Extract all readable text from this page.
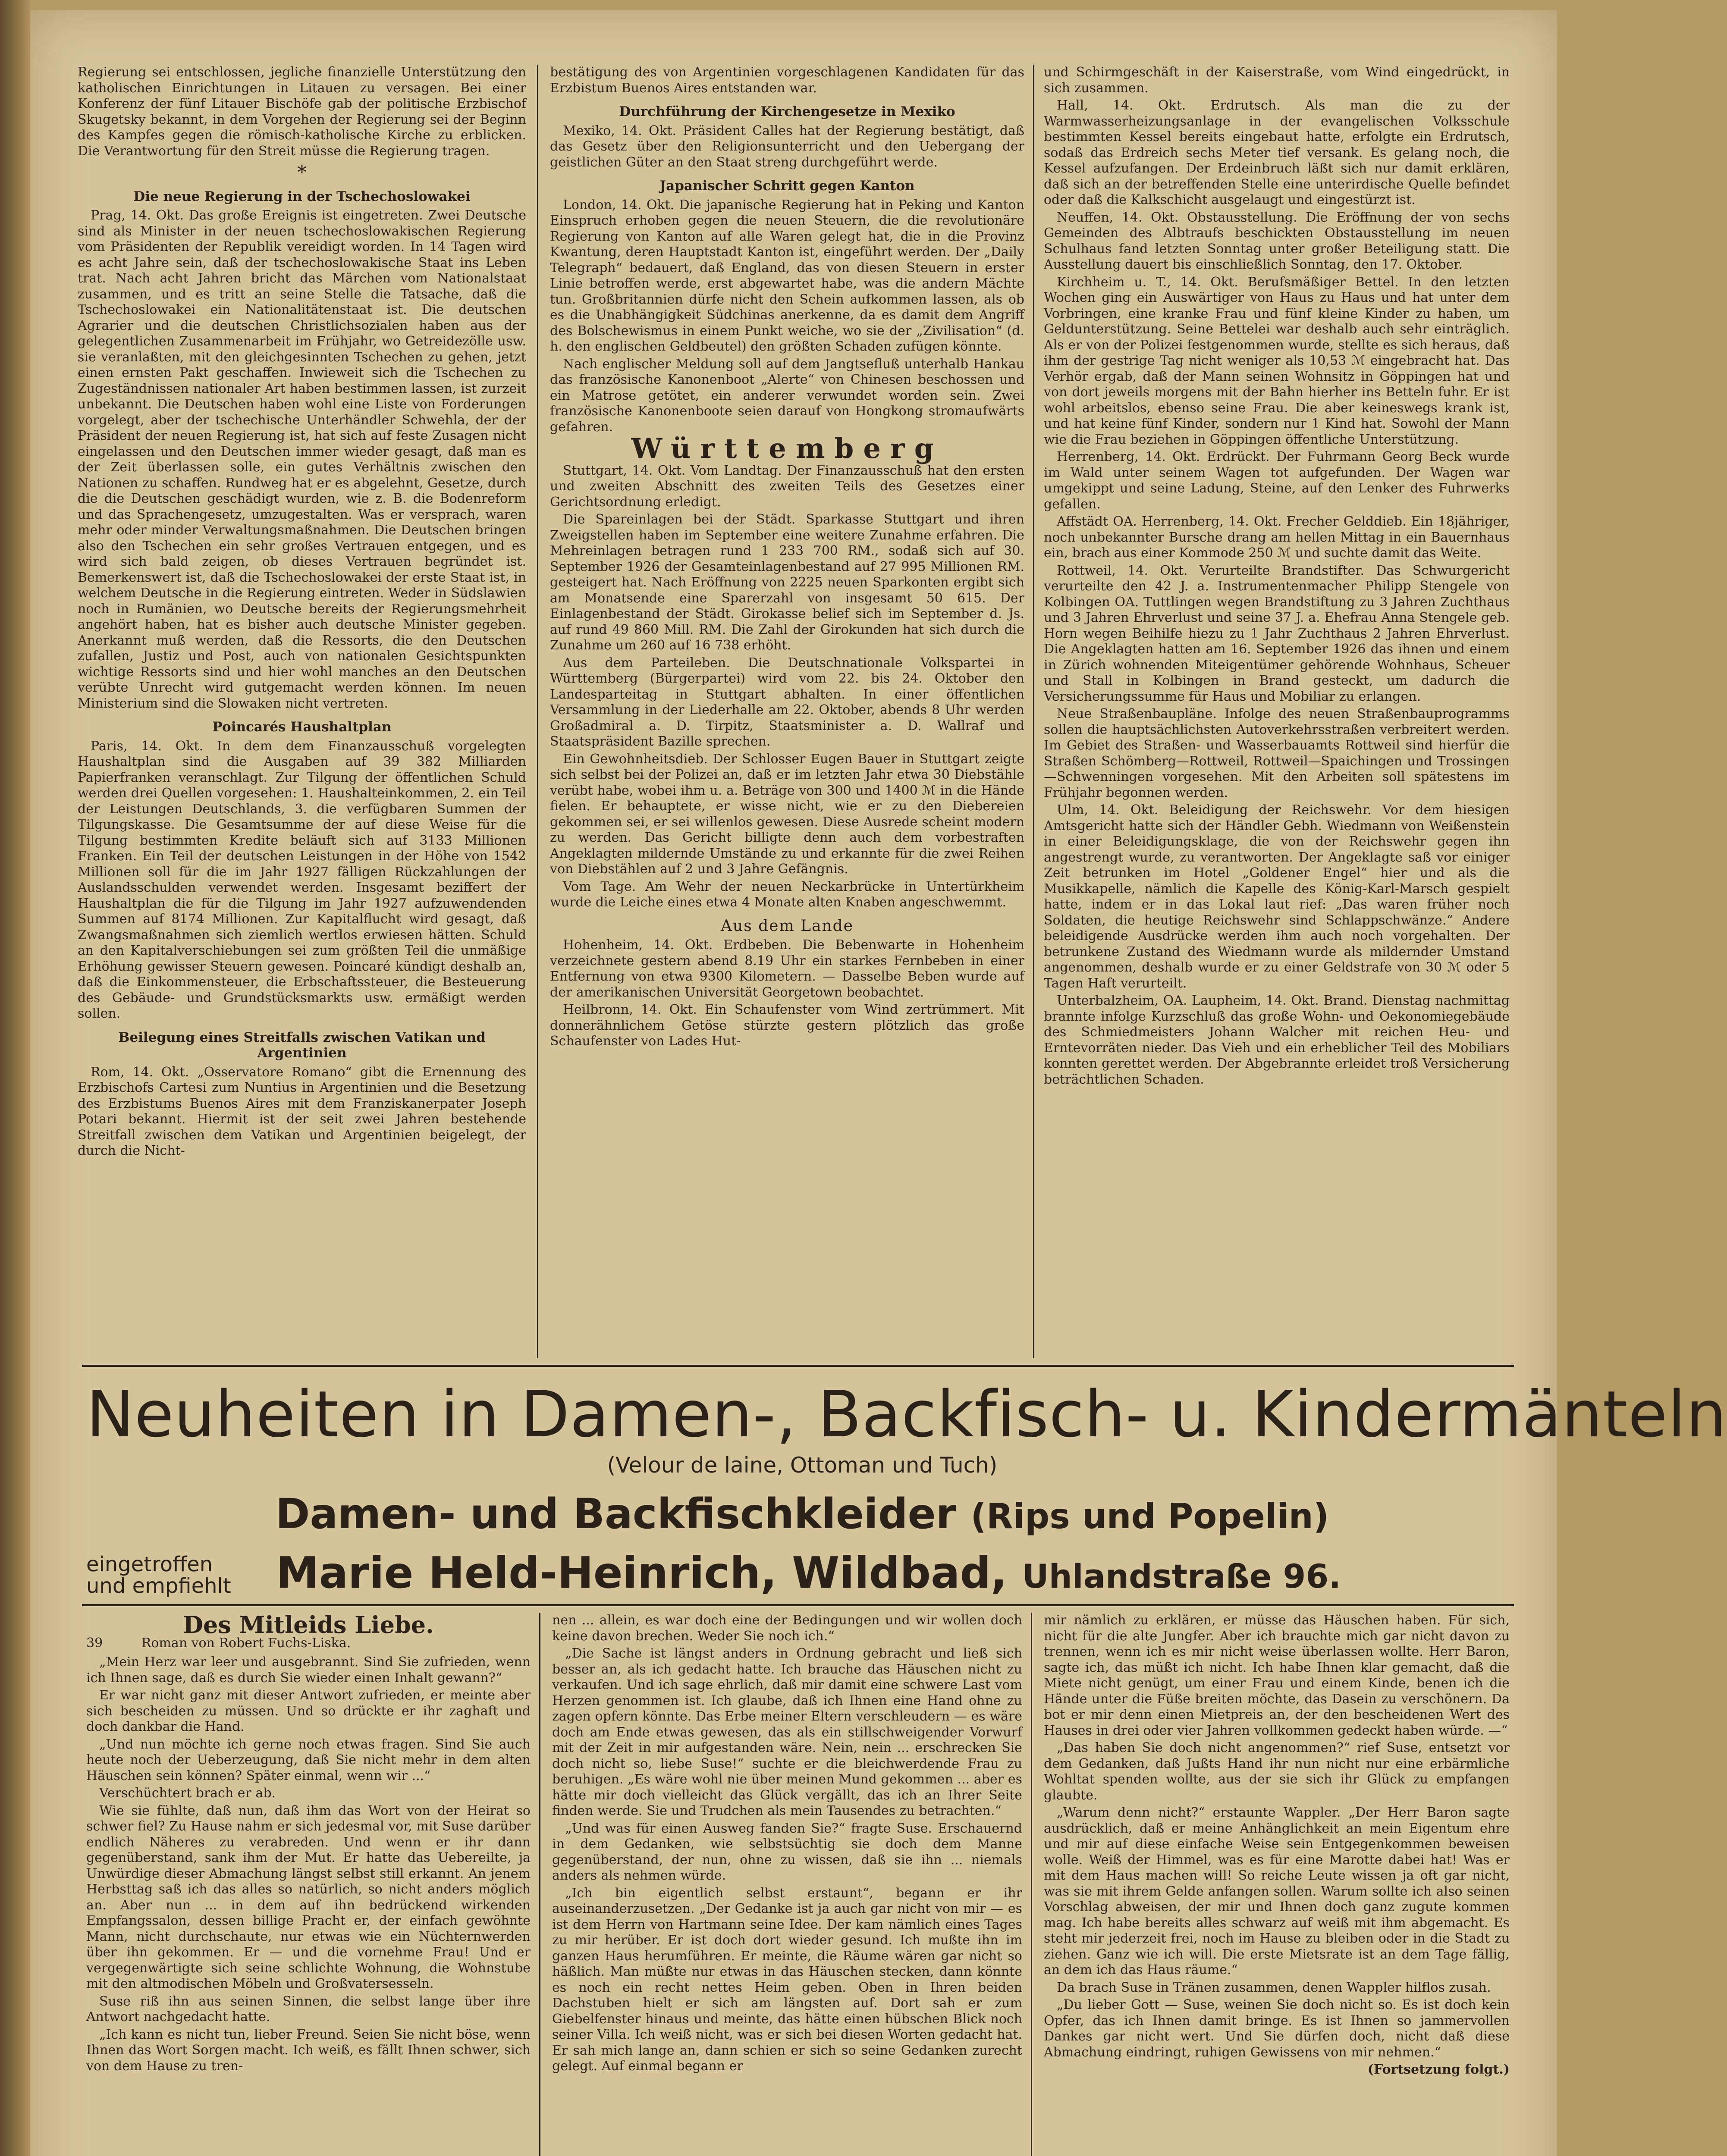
Regierung sei entschlossen, jegliche finanzielle Unterstützung den katholischen Einrichtungen in Litauen zu versagen. Bei einer Konferenz der fünf Litauer Bischöfe gab der politische Erzbischof Skugetsky bekannt, in dem Vorgehen der Regierung sei der Beginn des Kampfes gegen die römisch-katholische Kirche zu erblicken. Die Verantwortung für den Streit müsse die Regierung tragen.

*
Die neue Regierung in der Tschechoslowakei

Prag, 14. Okt. Das große Ereignis ist eingetreten. Zwei Deutsche sind als Minister in der neuen tschechoslowakischen Regierung vom Präsidenten der Republik vereidigt worden. In 14 Tagen wird es acht Jahre sein, daß der tschechoslowakische Staat ins Leben trat. Nach acht Jahren bricht das Märchen vom Nationalstaat zusammen, und es tritt an seine Stelle die Tatsache, daß die Tschechoslowakei ein Nationalitätenstaat ist. Die deutschen Agrarier und die deutschen Christlichsozialen haben aus der gelegentlichen Zusammenarbeit im Frühjahr, wo Getreidezölle usw. sie veranlaßten, mit den gleichgesinnten Tschechen zu gehen, jetzt einen ernsten Pakt geschaffen. Inwieweit sich die Tschechen zu Zugeständnissen nationaler Art haben bestimmen lassen, ist zurzeit unbekannt. Die Deutschen haben wohl eine Liste von Forderungen vorgelegt, aber der tschechische Unterhändler Schwehla, der der Präsident der neuen Regierung ist, hat sich auf feste Zusagen nicht eingelassen und den Deutschen immer wieder gesagt, daß man es der Zeit überlassen solle, ein gutes Verhältnis zwischen den Nationen zu schaffen. Rundweg hat er es abgelehnt, Gesetze, durch die die Deutschen geschädigt wurden, wie z. B. die Bodenreform und das Sprachengesetz, umzugestalten. Was er versprach, waren mehr oder minder Verwaltungsmaßnahmen. Die Deutschen bringen also den Tschechen ein sehr großes Vertrauen entgegen, und es wird sich bald zeigen, ob dieses Vertrauen begründet ist. Bemerkenswert ist, daß die Tschechoslowakei der erste Staat ist, in welchem Deutsche in die Regierung eintreten. Weder in Südslawien noch in Rumänien, wo Deutsche bereits der Regierungsmehrheit angehört haben, hat es bisher auch deutsche Minister gegeben. Anerkannt muß werden, daß die Ressorts, die den Deutschen zufallen, Justiz und Post, auch von nationalen Gesichtspunkten wichtige Ressorts sind und hier wohl manches an den Deutschen verübte Unrecht wird gutgemacht werden können. Im neuen Ministerium sind die Slowaken nicht vertreten.

Poincarés Haushaltplan

Paris, 14. Okt. In dem dem Finanzausschuß vorgelegten Haushaltplan sind die Ausgaben auf 39 382 Milliarden Papierfranken veranschlagt. Zur Tilgung der öffentlichen Schuld werden drei Quellen vorgesehen: 1. Haushalteinkommen, 2. ein Teil der Leistungen Deutschlands, 3. die verfügbaren Summen der Tilgungskasse. Die Gesamtsumme der auf diese Weise für die Tilgung bestimmten Kredite beläuft sich auf 3133 Millionen Franken. Ein Teil der deutschen Leistungen in der Höhe von 1542 Millionen soll für die im Jahr 1927 fälligen Rückzahlungen der Auslandsschulden verwendet werden. Insgesamt beziffert der Haushaltplan die für die Tilgung im Jahr 1927 aufzuwendenden Summen auf 8174 Millionen. Zur Kapitalflucht wird gesagt, daß Zwangsmaßnahmen sich ziemlich wertlos erwiesen hätten. Schuld an den Kapitalverschiebungen sei zum größten Teil die unmäßige Erhöhung gewisser Steuern gewesen. Poincaré kündigt deshalb an, daß die Einkommensteuer, die Erbschaftssteuer, die Besteuerung des Gebäude- und Grundstücksmarkts usw. ermäßigt werden sollen.

Beilegung eines Streitfalls zwischen Vatikan und Argentinien

Rom, 14. Okt. „Osservatore Romano“ gibt die Ernennung des Erzbischofs Cartesi zum Nuntius in Argentinien und die Besetzung des Erzbistums Buenos Aires mit dem Franziskanerpater Joseph Potari bekannt. Hiermit ist der seit zwei Jahren bestehende Streitfall zwischen dem Vatikan und Argentinien beigelegt, der durch die Nicht-

bestätigung des von Argentinien vorgeschlagenen Kandidaten für das Erzbistum Buenos Aires entstanden war.

Durchführung der Kirchengesetze in Mexiko

Mexiko, 14. Okt. Präsident Calles hat der Regierung bestätigt, daß das Gesetz über den Religionsunterricht und den Uebergang der geistlichen Güter an den Staat streng durchgeführt werde.

Japanischer Schritt gegen Kanton

London, 14. Okt. Die japanische Regierung hat in Peking und Kanton Einspruch erhoben gegen die neuen Steuern, die die revolutionäre Regierung von Kanton auf alle Waren gelegt hat, die in die Provinz Kwantung, deren Hauptstadt Kanton ist, eingeführt werden. Der „Daily Telegraph“ bedauert, daß England, das von diesen Steuern in erster Linie betroffen werde, erst abgewartet habe, was die andern Mächte tun. Großbritannien dürfe nicht den Schein aufkommen lassen, als ob es die Unabhängigkeit Südchinas anerkenne, da es damit dem Angriff des Bolschewismus in einem Punkt weiche, wo sie der „Zivilisation“ (d. h. den englischen Geldbeutel) den größten Schaden zufügen könnte.

Nach englischer Meldung soll auf dem Jangtsefluß unterhalb Hankau das französische Kanonenboot „Alerte“ von Chinesen beschossen und ein Matrose getötet, ein anderer verwundet worden sein. Zwei französische Kanonenboote seien darauf von Hongkong stromaufwärts gefahren.

Württemberg

Stuttgart, 14. Okt. Vom Landtag. Der Finanzausschuß hat den ersten und zweiten Abschnitt des zweiten Teils des Gesetzes einer Gerichtsordnung erledigt.

Die Spareinlagen bei der Städt. Sparkasse Stuttgart und ihren Zweigstellen haben im September eine weitere Zunahme erfahren. Die Mehreinlagen betragen rund 1 233 700 RM., sodaß sich auf 30. September 1926 der Gesamteinlagenbestand auf 27 995 Millionen RM. gesteigert hat. Nach Eröffnung von 2225 neuen Sparkonten ergibt sich am Monatsende eine Sparerzahl von insgesamt 50 615. Der Einlagenbestand der Städt. Girokasse belief sich im September d. Js. auf rund 49 860 Mill. RM. Die Zahl der Girokunden hat sich durch die Zunahme um 260 auf 16 738 erhöht.

Aus dem Parteileben. Die Deutschnationale Volkspartei in Württemberg (Bürgerpartei) wird vom 22. bis 24. Oktober den Landesparteitag in Stuttgart abhalten. In einer öffentlichen Versammlung in der Liederhalle am 22. Oktober, abends 8 Uhr werden Großadmiral a. D. Tirpitz, Staatsminister a. D. Wallraf und Staatspräsident Bazille sprechen.

Ein Gewohnheitsdieb. Der Schlosser Eugen Bauer in Stuttgart zeigte sich selbst bei der Polizei an, daß er im letzten Jahr etwa 30 Diebstähle verübt habe, wobei ihm u. a. Beträge von 300 und 1400 ℳ in die Hände fielen. Er behauptete, er wisse nicht, wie er zu den Diebereien gekommen sei, er sei willenlos gewesen. Diese Ausrede scheint modern zu werden. Das Gericht billigte denn auch dem vorbestraften Angeklagten mildernde Umstände zu und erkannte für die zwei Reihen von Diebstählen auf 2 und 3 Jahre Gefängnis.

Vom Tage. Am Wehr der neuen Neckarbrücke in Untertürkheim wurde die Leiche eines etwa 4 Monate alten Knaben angeschwemmt.

Aus dem Lande

Hohenheim, 14. Okt. Erdbeben. Die Bebenwarte in Hohenheim verzeichnete gestern abend 8.19 Uhr ein starkes Fernbeben in einer Entfernung von etwa 9300 Kilometern. — Dasselbe Beben wurde auf der amerikanischen Universität Georgetown beobachtet.

Heilbronn, 14. Okt. Ein Schaufenster vom Wind zertrümmert. Mit donnerähnlichem Getöse stürzte gestern plötzlich das große Schaufenster von Lades Hut-

und Schirmgeschäft in der Kaiserstraße, vom Wind eingedrückt, in sich zusammen.

Hall, 14. Okt. Erdrutsch. Als man die zu der Warmwasserheizungsanlage in der evangelischen Volksschule bestimmten Kessel bereits eingebaut hatte, erfolgte ein Erdrutsch, sodaß das Erdreich sechs Meter tief versank. Es gelang noch, die Kessel aufzufangen. Der Erdeinbruch läßt sich nur damit erklären, daß sich an der betreffenden Stelle eine unterirdische Quelle befindet oder daß die Kalkschicht ausgelaugt und eingestürzt ist.

Neuffen, 14. Okt. Obstausstellung. Die Eröffnung der von sechs Gemeinden des Albtraufs beschickten Obstausstellung im neuen Schulhaus fand letzten Sonntag unter großer Beteiligung statt. Die Ausstellung dauert bis einschließlich Sonntag, den 17. Oktober.

Kirchheim u. T., 14. Okt. Berufsmäßiger Bettel. In den letzten Wochen ging ein Auswärtiger von Haus zu Haus und hat unter dem Vorbringen, eine kranke Frau und fünf kleine Kinder zu haben, um Geldunterstützung. Seine Bettelei war deshalb auch sehr einträglich. Als er von der Polizei festgenommen wurde, stellte es sich heraus, daß ihm der gestrige Tag nicht weniger als 10,53 ℳ eingebracht hat. Das Verhör ergab, daß der Mann seinen Wohnsitz in Göppingen hat und von dort jeweils morgens mit der Bahn hierher ins Betteln fuhr. Er ist wohl arbeitslos, ebenso seine Frau. Die aber keineswegs krank ist, und hat keine fünf Kinder, sondern nur 1 Kind hat. Sowohl der Mann wie die Frau beziehen in Göppingen öffentliche Unterstützung.

Herrenberg, 14. Okt. Erdrückt. Der Fuhrmann Georg Beck wurde im Wald unter seinem Wagen tot aufgefunden. Der Wagen war umgekippt und seine Ladung, Steine, auf den Lenker des Fuhrwerks gefallen.

Affstädt OA. Herrenberg, 14. Okt. Frecher Gelddieb. Ein 18jähriger, noch unbekannter Bursche drang am hellen Mittag in ein Bauernhaus ein, brach aus einer Kommode 250 ℳ und suchte damit das Weite.

Rottweil, 14. Okt. Verurteilte Brandstifter. Das Schwurgericht verurteilte den 42 J. a. Instrumentenmacher Philipp Stengele von Kolbingen OA. Tuttlingen wegen Brandstiftung zu 3 Jahren Zuchthaus und 3 Jahren Ehrverlust und seine 37 J. a. Ehefrau Anna Stengele geb. Horn wegen Beihilfe hiezu zu 1 Jahr Zuchthaus 2 Jahren Ehrverlust. Die Angeklagten hatten am 16. September 1926 das ihnen und einem in Zürich wohnenden Miteigentümer gehörende Wohnhaus, Scheuer und Stall in Kolbingen in Brand gesteckt, um dadurch die Versicherungssumme für Haus und Mobiliar zu erlangen.

Neue Straßenbaupläne. Infolge des neuen Straßenbauprogramms sollen die hauptsächlichsten Autoverkehrsstraßen verbreitert werden. Im Gebiet des Straßen- und Wasserbauamts Rottweil sind hierfür die Straßen Schömberg—Rottweil, Rottweil—Spaichingen und Trossingen—Schwenningen vorgesehen. Mit den Arbeiten soll spätestens im Frühjahr begonnen werden.

Ulm, 14. Okt. Beleidigung der Reichswehr. Vor dem hiesigen Amtsgericht hatte sich der Händler Gebh. Wiedmann von Weißenstein in einer Beleidigungsklage, die von der Reichswehr gegen ihn angestrengt wurde, zu verantworten. Der Angeklagte saß vor einiger Zeit betrunken im Hotel „Goldener Engel“ hier und als die Musikkapelle, nämlich die Kapelle des König-Karl-Marsch gespielt hatte, indem er in das Lokal laut rief: „Das waren früher noch Soldaten, die heutige Reichswehr sind Schlappschwänze.“ Andere beleidigende Ausdrücke werden ihm auch noch vorgehalten. Der betrunkene Zustand des Wiedmann wurde als mildernder Umstand angenommen, deshalb wurde er zu einer Geldstrafe von 30 ℳ oder 5 Tagen Haft verurteilt.

Unterbalzheim, OA. Laupheim, 14. Okt. Brand. Dienstag nachmittag brannte infolge Kurzschluß das große Wohn- und Oekonomiegebäude des Schmiedmeisters Johann Walcher mit reichen Heu- und Erntevorräten nieder. Das Vieh und ein erheblicher Teil des Mobiliars konnten gerettet werden. Der Abgebrannte erleidet troß Versicherung beträchtlichen Schaden.

Neuheiten in Damen-, Backfisch- u. Kindermänteln
(Velour de laine, Ottoman und Tuch)
Damen- und Backfischkleider (Rips und Popelin)
eingetroffen
und empfiehlt Marie Held-Heinrich, Wildbad, Uhlandstraße 96.
Des Mitleids Liebe.
39	Roman von Robert Fuchs-Liska.

„Mein Herz war leer und ausgebrannt. Sind Sie zufrieden, wenn ich Ihnen sage, daß es durch Sie wieder einen Inhalt gewann?“

Er war nicht ganz mit dieser Antwort zufrieden, er meinte aber sich bescheiden zu müssen. Und so drückte er ihr zaghaft und doch dankbar die Hand.

„Und nun möchte ich gerne noch etwas fragen. Sind Sie auch heute noch der Ueberzeugung, daß Sie nicht mehr in dem alten Häuschen sein können? Später einmal, wenn wir ...“

Verschüchtert brach er ab.

Wie sie fühlte, daß nun, daß ihm das Wort von der Heirat so schwer fiel? Zu Hause nahm er sich jedesmal vor, mit Suse darüber endlich Näheres zu verabreden. Und wenn er ihr dann gegenüberstand, sank ihm der Mut. Er hatte das Uebereilte, ja Unwürdige dieser Abmachung längst selbst still erkannt. An jenem Herbsttag saß ich das alles so natürlich, so nicht anders möglich an. Aber nun ... in dem auf ihn bedrückend wirkenden Empfangssalon, dessen billige Pracht er, der einfach gewöhnte Mann, nicht durchschaute, nur etwas wie ein Nüchternwerden über ihn gekommen. Er — und die vornehme Frau! Und er vergegenwärtigte sich seine schlichte Wohnung, die Wohnstube mit den altmodischen Möbeln und Großvatersesseln.

Suse riß ihn aus seinen Sinnen, die selbst lange über ihre Antwort nachgedacht hatte.

„Ich kann es nicht tun, lieber Freund. Seien Sie nicht böse, wenn Ihnen das Wort Sorgen macht. Ich weiß, es fällt Ihnen schwer, sich von dem Hause zu tren-

nen ... allein, es war doch eine der Bedingungen und wir wollen doch keine davon brechen. Weder Sie noch ich.“

„Die Sache ist längst anders in Ordnung gebracht und ließ sich besser an, als ich gedacht hatte. Ich brauche das Häuschen nicht zu verkaufen. Und ich sage ehrlich, daß mir damit eine schwere Last vom Herzen genommen ist. Ich glaube, daß ich Ihnen eine Hand ohne zu zagen opfern könnte. Das Erbe meiner Eltern verschleudern — es wäre doch am Ende etwas gewesen, das als ein stillschweigender Vorwurf mit der Zeit in mir aufgestanden wäre. Nein, nein ... erschrecken Sie doch nicht so, liebe Suse!“ suchte er die bleichwerdende Frau zu beruhigen. „Es wäre wohl nie über meinen Mund gekommen ... aber es hätte mir doch vielleicht das Glück vergällt, das ich an Ihrer Seite finden werde. Sie und Trudchen als mein Tausendes zu betrachten.“

„Und was für einen Ausweg fanden Sie?“ fragte Suse. Erschauernd in dem Gedanken, wie selbstsüchtig sie doch dem Manne gegenüberstand, der nun, ohne zu wissen, daß sie ihn ... niemals anders als nehmen würde.

„Ich bin eigentlich selbst erstaunt“, begann er ihr auseinanderzusetzen. „Der Gedanke ist ja auch gar nicht von mir — es ist dem Herrn von Hartmann seine Idee. Der kam nämlich eines Tages zu mir herüber. Er ist doch dort wieder gesund. Ich mußte ihn im ganzen Haus herumführen. Er meinte, die Räume wären gar nicht so häßlich. Man müßte nur etwas in das Häuschen stecken, dann könnte es noch ein recht nettes Heim geben. Oben in Ihren beiden Dachstuben hielt er sich am längsten auf. Dort sah er zum Giebelfenster hinaus und meinte, das hätte einen hübschen Blick noch seiner Villa. Ich weiß nicht, was er sich bei diesen Worten gedacht hat. Er sah mich lange an, dann schien er sich so seine Gedanken zurecht gelegt. Auf einmal begann er

mir nämlich zu erklären, er müsse das Häuschen haben. Für sich, nicht für die alte Jungfer. Aber ich brauchte mich gar nicht davon zu trennen, wenn ich es mir nicht weise überlassen wollte. Herr Baron, sagte ich, das müßt ich nicht. Ich habe Ihnen klar gemacht, daß die Miete nicht genügt, um einer Frau und einem Kinde, benen ich die Hände unter die Füße breiten möchte, das Dasein zu verschönern. Da bot er mir denn einen Mietpreis an, der den bescheidenen Wert des Hauses in drei oder vier Jahren vollkommen gedeckt haben würde. —“

„Das haben Sie doch nicht angenommen?“ rief Suse, entsetzt vor dem Gedanken, daß Jußts Hand ihr nun nicht nur eine erbärmliche Wohltat spenden wollte, aus der sie sich ihr Glück zu empfangen glaubte.

„Warum denn nicht?“ erstaunte Wappler. „Der Herr Baron sagte ausdrücklich, daß er meine Anhänglichkeit an mein Eigentum ehre und mir auf diese einfache Weise sein Entgegenkommen beweisen wolle. Weiß der Himmel, was es für eine Marotte dabei hat! Was er mit dem Haus machen will! So reiche Leute wissen ja oft gar nicht, was sie mit ihrem Gelde anfangen sollen. Warum sollte ich also seinen Vorschlag abweisen, der mir und Ihnen doch ganz zugute kommen mag. Ich habe bereits alles schwarz auf weiß mit ihm abgemacht. Es steht mir jederzeit frei, noch im Hause zu bleiben oder in die Stadt zu ziehen. Ganz wie ich will. Die erste Mietsrate ist an dem Tage fällig, an dem ich das Haus räume.“

Da brach Suse in Tränen zusammen, denen Wappler hilflos zusah.

„Du lieber Gott — Suse, weinen Sie doch nicht so. Es ist doch kein Opfer, das ich Ihnen damit bringe. Es ist Ihnen so jammervollen Dankes gar nicht wert. Und Sie dürfen doch, nicht daß diese Abmachung eindringt, ruhigen Gewissens von mir nehmen.“

(Fortsetzung folgt.)
